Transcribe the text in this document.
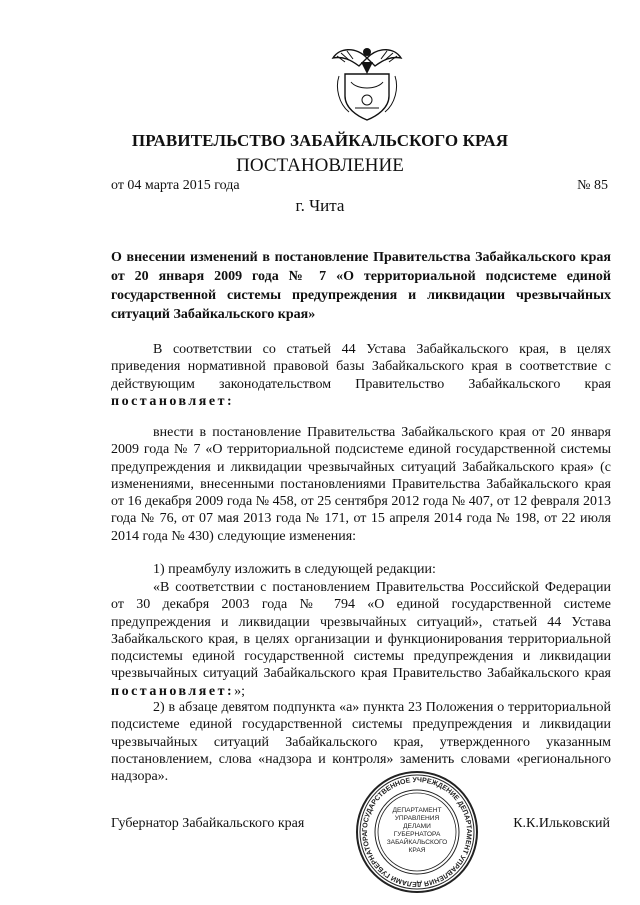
ПРАВИТЕЛЬСТВО ЗАБАЙКАЛЬСКОГО КРАЯ
ПОСТАНОВЛЕНИЕ
от 04 марта 2015 года	№ 85
г. Чита
О внесении изменений в постановление Правительства Забайкальского края от 20 января 2009 года № 7 «О территориальной подсистеме единой государственной системы предупреждения и ликвидации чрезвычайных ситуаций Забайкальского края»
В соответствии со статьей 44 Устава Забайкальского края, в целях приведения нормативной правовой базы Забайкальского края в соответствие с действующим законодательством Правительство Забайкальского края постановляет:
внести в постановление Правительства Забайкальского края от 20 января 2009 года № 7 «О территориальной подсистеме единой государственной системы предупреждения и ликвидации чрезвычайных ситуаций Забайкальского края» (с изменениями, внесенными постановлениями Правительства Забайкальского края от 16 декабря 2009 года № 458, от 25 сентября 2012 года № 407, от 12 февраля 2013 года № 76, от 07 мая 2013 года № 171, от 15 апреля 2014 года № 198, от 22 июля 2014 года № 430) следующие изменения:
1) преамбулу изложить в следующей редакции:
«В соответствии с постановлением Правительства Российской Федерации от 30 декабря 2003 года № 794 «О единой государственной системе предупреждения и ликвидации чрезвычайных ситуаций», статьей 44 Устава Забайкальского края, в целях организации и функционирования территориальной подсистемы единой государственной системы предупреждения и ликвидации чрезвычайных ситуаций Забайкальского края Правительство Забайкальского края постановляет:»;
2) в абзаце девятом подпункта «а» пункта 23 Положения о территориальной подсистеме единой государственной системы предупреждения и ликвидации чрезвычайных ситуаций Забайкальского края, утвержденного указанным постановлением, слова «надзора и контроля» заменить словами «регионального надзора».
Губернатор Забайкальского края	К.К.Ильковский
ГОСУДАРСТВЕННОЕ УЧРЕЖДЕНИЕ ДЕПАРТАМЕНТ УПРАВЛЕНИЯ ДЕЛАМИ ГУБЕРНАТОРА
ДЕПАРТАМЕНТ
УПРАВЛЕНИЯ
ДЕЛАМИ
ГУБЕРНАТОРА
ЗАБАЙКАЛЬСКОГО
КРАЯ
